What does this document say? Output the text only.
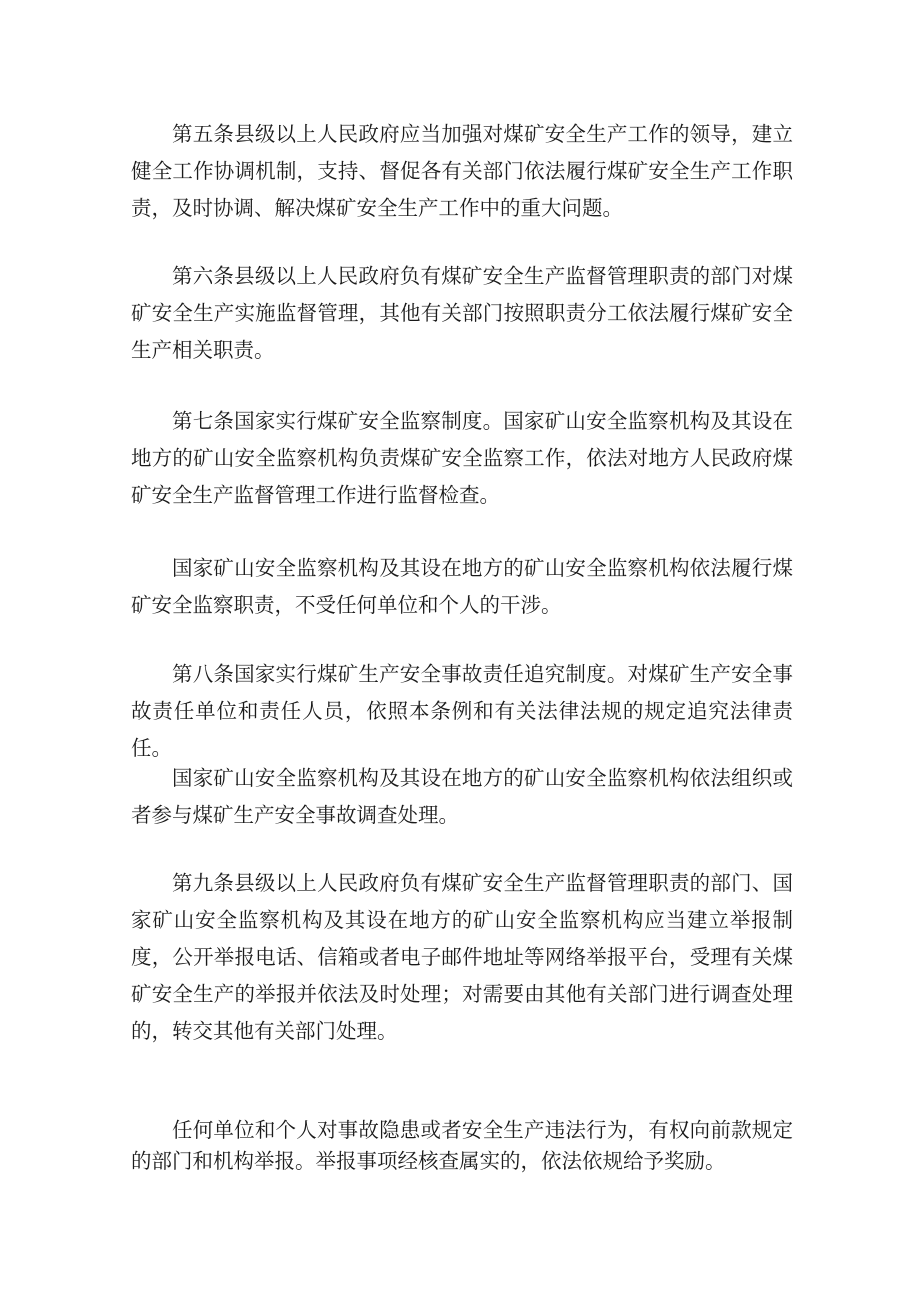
第五条县级以上人民政府应当加强对煤矿安全生产工作的领导，建立健全工作协调机制，支持、督促各有关部门依法履行煤矿安全生产工作职责，及时协调、解决煤矿安全生产工作中的重大问题。

第六条县级以上人民政府负有煤矿安全生产监督管理职责的部门对煤矿安全生产实施监督管理，其他有关部门按照职责分工依法履行煤矿安全生产相关职责。

第七条国家实行煤矿安全监察制度。国家矿山安全监察机构及其设在地方的矿山安全监察机构负责煤矿安全监察工作，依法对地方人民政府煤矿安全生产监督管理工作进行监督检查。

国家矿山安全监察机构及其设在地方的矿山安全监察机构依法履行煤矿安全监察职责，不受任何单位和个人的干涉。

第八条国家实行煤矿生产安全事故责任追究制度。对煤矿生产安全事故责任单位和责任人员，依照本条例和有关法律法规的规定追究法律责任。

国家矿山安全监察机构及其设在地方的矿山安全监察机构依法组织或者参与煤矿生产安全事故调查处理。

第九条县级以上人民政府负有煤矿安全生产监督管理职责的部门、国家矿山安全监察机构及其设在地方的矿山安全监察机构应当建立举报制度，公开举报电话、信箱或者电子邮件地址等网络举报平台，受理有关煤矿安全生产的举报并依法及时处理；对需要由其他有关部门进行调查处理的，转交其他有关部门处理。

任何单位和个人对事故隐患或者安全生产违法行为，有权向前款规定的部门和机构举报。举报事项经核查属实的，依法依规给予奖励。
